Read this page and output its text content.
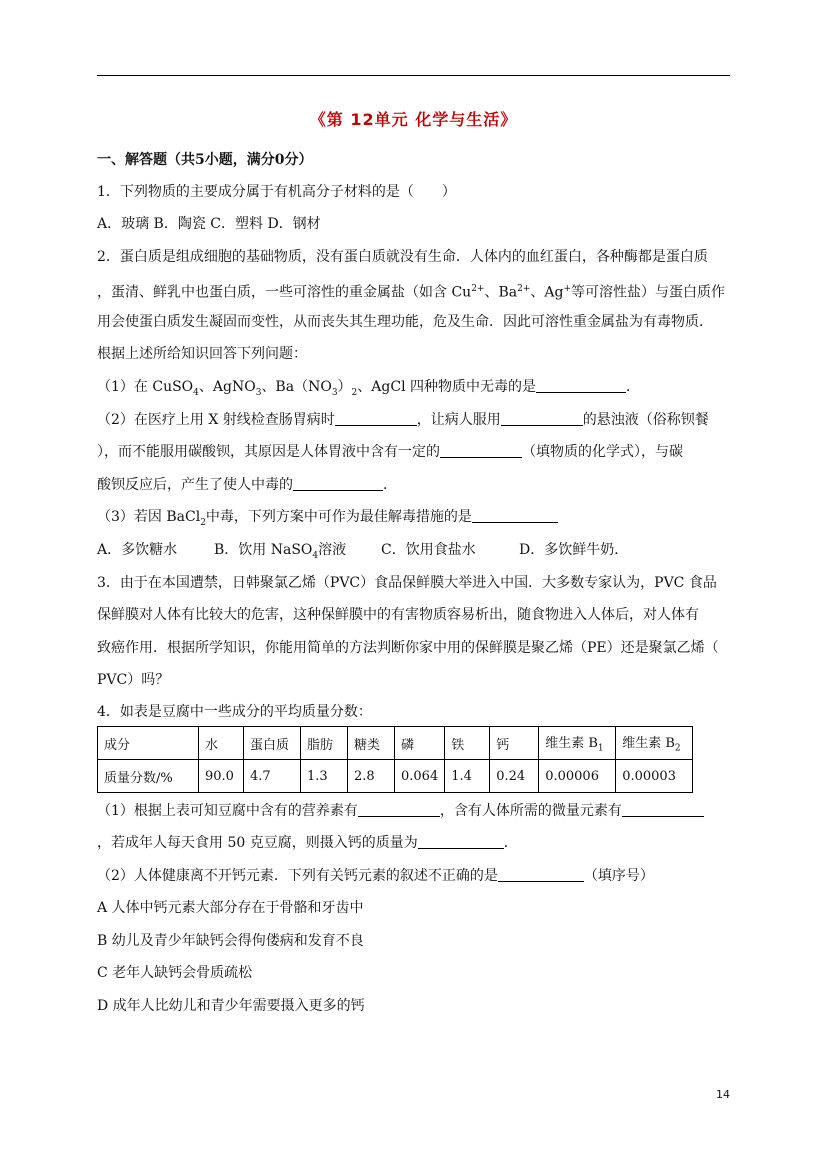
《第 12单元 化学与生活》
一、解答题（共5小题，满分0分）
1．下列物质的主要成分属于有机高分子材料的是（　　）
A．玻璃 B．陶瓷 C．塑料 D．钢材
2．蛋白质是组成细胞的基础物质，没有蛋白质就没有生命．人体内的血红蛋白，各种酶都是蛋白质
，蛋清、鲜乳中也蛋白质，一些可溶性的重金属盐（如含 $Cu^{2+}$、$Ba^{2+}$、Ag+等可溶性盐）与蛋白质作
用会使蛋白质发生凝固而变性，从而丧失其生理功能，危及生命．因此可溶性重金属盐为有毒物质．
根据上述所给知识回答下列问题：
（1）在 CuSO$_4$、AgNO$_3$、$Ba(NO_3)_2$、AgCl 四种物质中无毒的是	．
（2）在医疗上用 X 射线检查肠胃病时	，让病人服用	的悬浊液（俗称钡餐
），而不能服用碳酸钡，其原因是人体胃液中含有一定的	（填物质的化学式），与碳
酸钡反应后，产生了使人中毒的	．
（3）若因 BaCl$_2$中毒，下列方案中可作为最佳解毒措施的是
A．多饮糖水	B．饮用 NaSO$_4$溶液 C．饮用食盐水	D．多饮鲜牛奶．
3．由于在本国遭禁，日韩聚氯乙烯（PVC）食品保鲜膜大举进入中国．大多数专家认为，PVC 食品
保鲜膜对人体有比较大的危害，这种保鲜膜中的有害物质容易析出，随食物进入人体后，对人体有
致癌作用．根据所学知识，你能用简单的方法判断你家中用的保鲜膜是聚乙烯（PE）还是聚氯乙烯（
PVC）吗？
4．如表是豆腐中一些成分的平均质量分数：
成分	水	蛋白质	脂肪	糖类	磷	铁	钙	维生素 $B_1$	维生素 $B_2$
质量分数/%	90.0	4.7	1.3	2.8	0.064	1.4	0.24	0.00006	0.00003
（1）根据上表可知豆腐中含有的营养素有	，含有人体所需的微量元素有
，若成年人每天食用 50 克豆腐，则摄入钙的质量为	．
（2）人体健康离不开钙元素．下列有关钙元素的叙述不正确的是	（填序号）
A 人体中钙元素大部分存在于骨骼和牙齿中
B 幼儿及青少年缺钙会得佝偻病和发育不良
C 老年人缺钙会骨质疏松
D 成年人比幼儿和青少年需要摄入更多的钙
14
